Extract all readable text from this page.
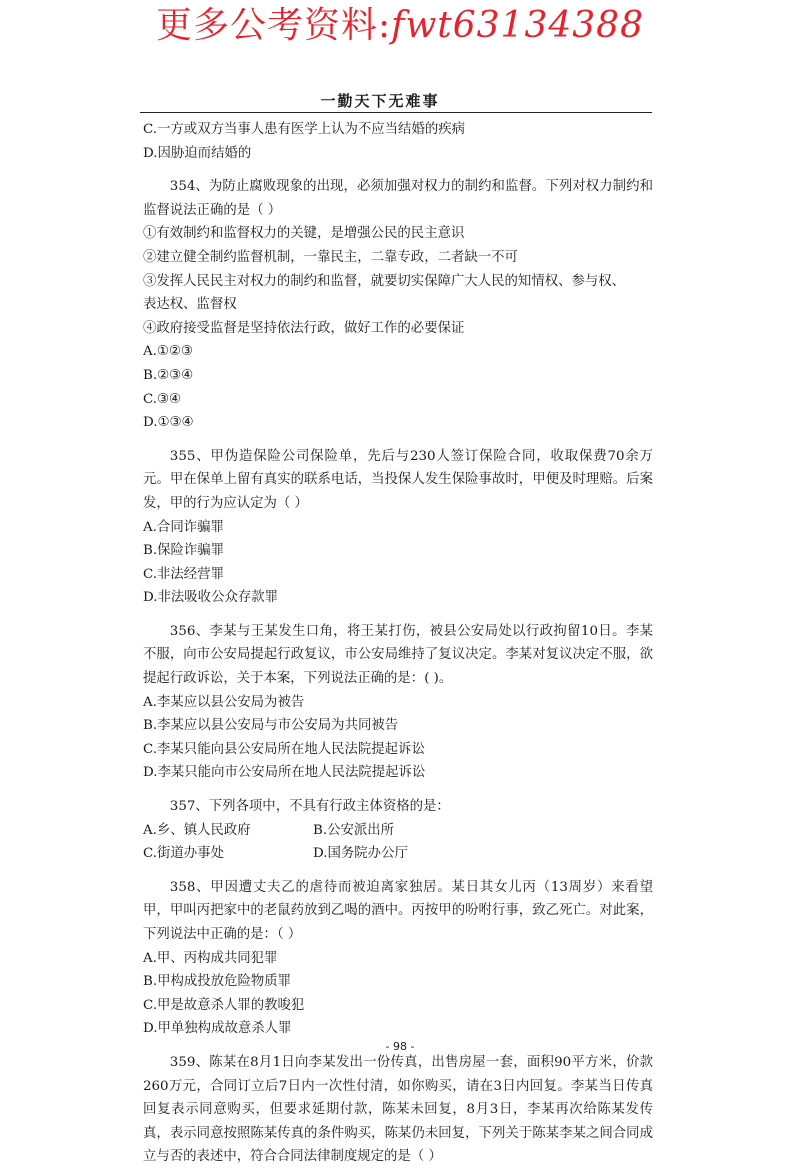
更多公考资料:fwt63134388
一勤天下无难事

C.一方或双方当事人患有医学上认为不应当结婚的疾病

D.因胁迫而结婚的

354、为防止腐败现象的出现，必须加强对权力的制约和监督。下列对权力制约和监督说法正确的是（ ）

①有效制约和监督权力的关键，是增强公民的民主意识

②建立健全制约监督机制，一靠民主，二靠专政，二者缺一不可

③发挥人民民主对权力的制约和监督，就要切实保障广大人民的知情权、参与权、

表达权、监督权

④政府接受监督是坚持依法行政，做好工作的必要保证

A.①②③

B.②③④

C.③④

D.①③④

355、甲伪造保险公司保险单，先后与230人签订保险合同，收取保费70余万元。甲在保单上留有真实的联系电话，当投保人发生保险事故时，甲便及时理赔。后案发，甲的行为应认定为（ ）

A.合同诈骗罪

B.保险诈骗罪

C.非法经营罪

D.非法吸收公众存款罪

356、李某与王某发生口角，将王某打伤，被县公安局处以行政拘留10日。李某不服，向市公安局提起行政复议，市公安局维持了复议决定。李某对复议决定不服，欲提起行政诉讼，关于本案，下列说法正确的是：( )。

A.李某应以县公安局为被告

B.李某应以县公安局与市公安局为共同被告

C.李某只能向县公安局所在地人民法院提起诉讼

D.李某只能向市公安局所在地人民法院提起诉讼

357、下列各项中，不具有行政主体资格的是：

A.乡、镇人民政府	B.公安派出所

C.街道办事处	D.国务院办公厅

358、甲因遭丈夫乙的虐待而被迫离家独居。某日其女儿丙（13周岁）来看望甲，甲叫丙把家中的老鼠药放到乙喝的酒中。丙按甲的吩咐行事，致乙死亡。对此案，下列说法中正确的是：（ ）

A.甲、丙构成共同犯罪

B.甲构成投放危险物质罪

C.甲是故意杀人罪的教唆犯

D.甲单独构成故意杀人罪

359、陈某在8月1日向李某发出一份传真，出售房屋一套，面积90平方米，价款260万元，合同订立后7日内一次性付清，如你购买，请在3日内回复。李某当日传真回复表示同意购买，但要求延期付款，陈某未回复，8月3日，李某再次给陈某发传真，表示同意按照陈某传真的条件购买，陈某仍未回复，下列关于陈某李某之间合同成立与否的表述中，符合合同法律制度规定的是（ ）

- 98 -
